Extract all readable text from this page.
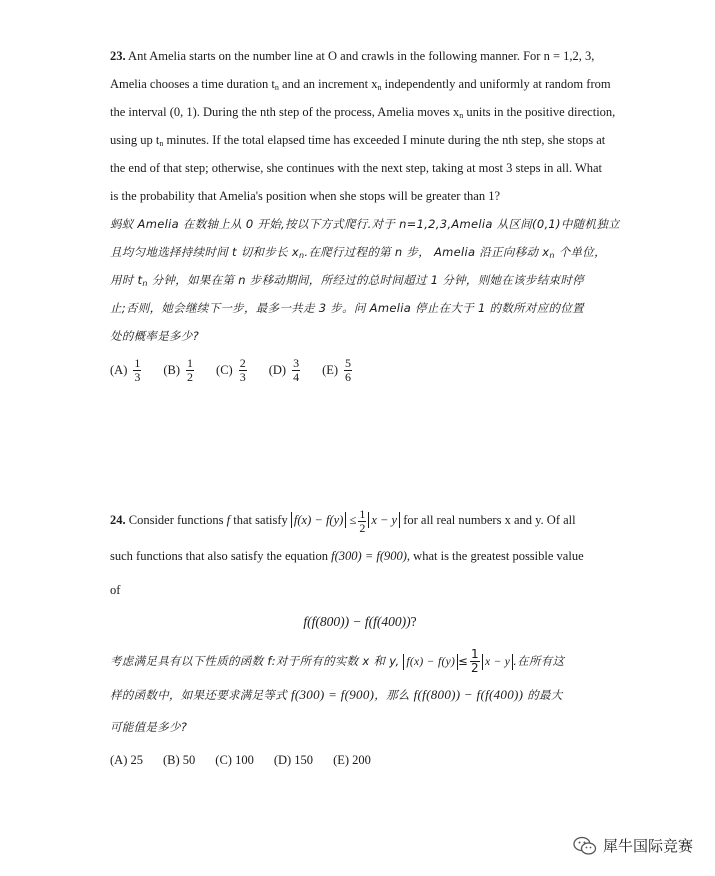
23. Ant Amelia starts on the number line at O and crawls in the following manner. For n = 1,2, 3,
Amelia chooses a time duration $t_n$ and an increment $x_n$ independently and uniformly at random from
the interval (0, 1). During the nth step of the process, Amelia moves $x_n$ units in the positive direction,
using up $t_n$ minutes. If the total elapsed time has exceeded I minute during the nth step, she stops at
the end of that step; otherwise, she continues with the next step, taking at most 3 steps in all. What
is the probability that Amelia's position when she stops will be greater than 1?
蚂蚁 Amelia 在数轴上从 0 开始,按以下方式爬行.对于 n=1,2,3,Amelia 从区间(0,1)中随机独立
且均匀地选择持续时间 t 切和步长 $x_n$.在爬行过程的第 n 步， Amelia 沿正向移动 $x_n$ 个单位，
用时 $t_n$ 分钟，如果在第 n 步移动期间，所经过的总时间超过 1 分钟，则她在该步结束时停
止;否则，她会继续下一步，最多一共走 3 步。问 Amelia 停止在大于 1 的数所对应的位置
处的概率是多少?
$(A) \frac{1}{3} (B) \frac{1}{2} (C) \frac{2}{3} (D) \frac{3}{4} (E) \frac{5}{6}$
24. Consider functions f that satisfy $f(x) - f(y) \le \frac{1}{2}$ x − y for all real numbers x and y. Of all
such functions that also satisfy the equation f(300) = f(900), what is the greatest possible value
of
f(f(800)) − f(f(400))?
考虑满足具有以下性质的函数 f:对于所有的实数 x 和 y, $f(x) - f(y) \le \frac{1}{2}$ x − y .在所有这
样的函数中，如果还要求满足等式 f(300) = f(900)，那么 f(f(800)) − f(f(400)) 的最大
可能值是多少?
(A) 25 (B) 50 (C) 100 (D) 150 (E) 200
犀牛国际竞赛
